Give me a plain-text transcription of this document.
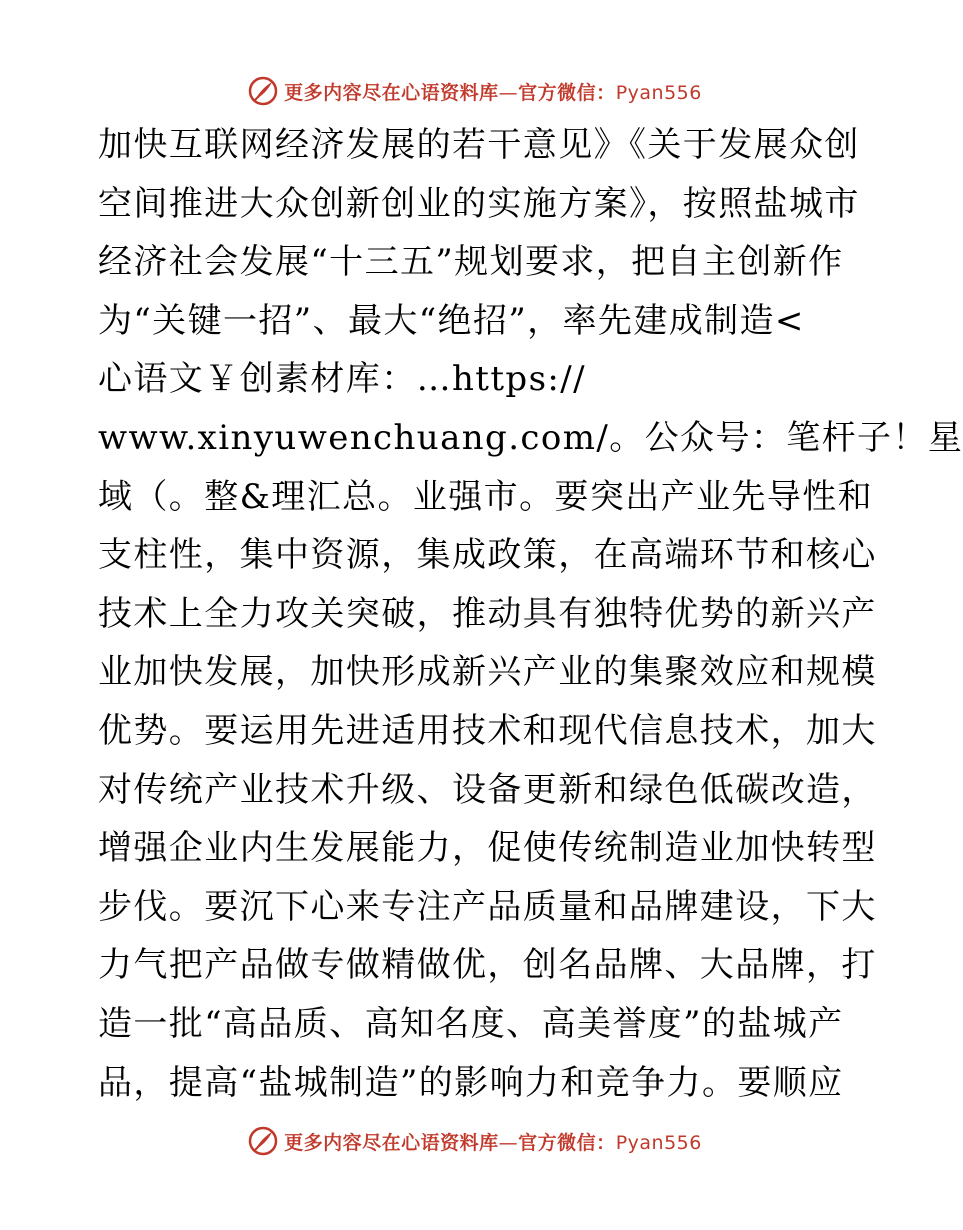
更多内容尽在心语资料库—官方微信：Pyan556
加快互联网经济发展的若干意见》《关于发展众创
空间推进大众创新创业的实施方案》，按照盐城市
经济社会发展“十三五”规划要求，把自主创新作
为“关键一招”、最大“绝招”，率先建成制造<
心语文￥创素材库：…https://
www.xinyuwenchuang.com/。公众号：笔杆子！星
域（。整&理汇总。业强市。要突出产业先导性和
支柱性，集中资源，集成政策，在高端环节和核心
技术上全力攻关突破，推动具有独特优势的新兴产
业加快发展，加快形成新兴产业的集聚效应和规模
优势。要运用先进适用技术和现代信息技术，加大
对传统产业技术升级、设备更新和绿色低碳改造，
增强企业内生发展能力，促使传统制造业加快转型
步伐。要沉下心来专注产品质量和品牌建设，下大
力气把产品做专做精做优，创名品牌、大品牌，打
造一批“高品质、高知名度、高美誉度”的盐城产
品，提高“盐城制造”的影响力和竞争力。要顺应
更多内容尽在心语资料库—官方微信：Pyan556
